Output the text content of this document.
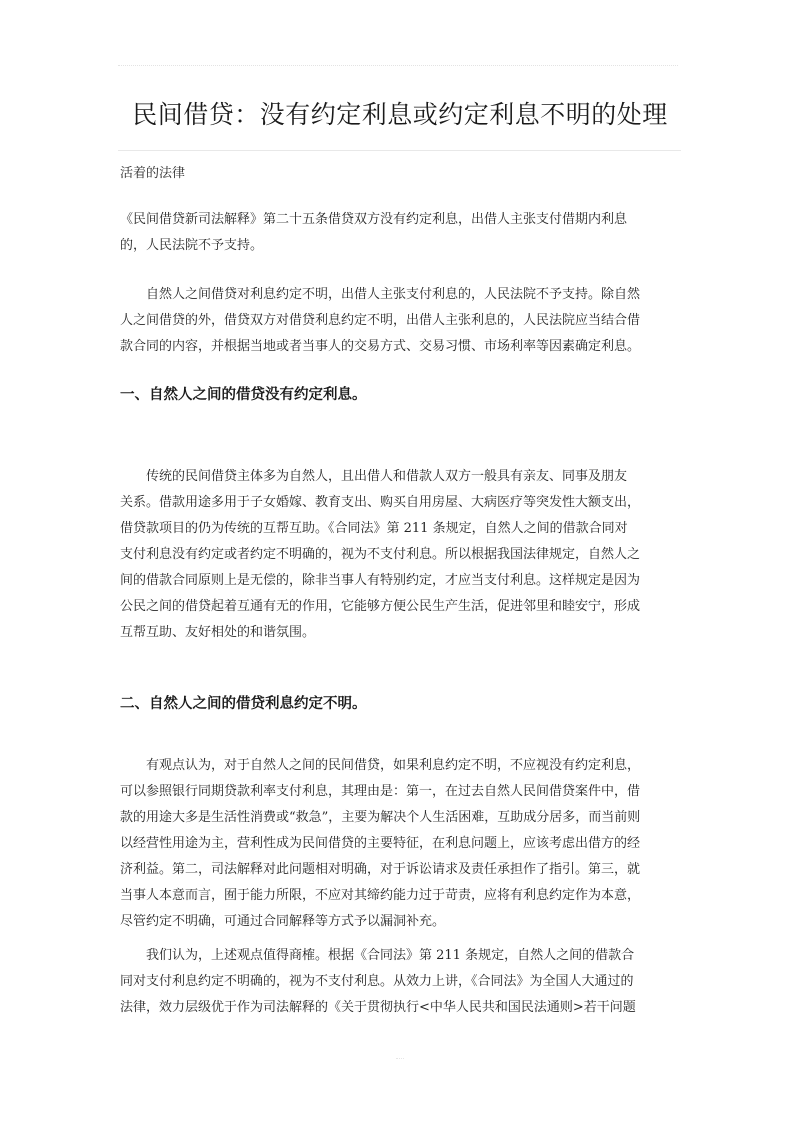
民间借贷：没有约定利息或约定利息不明的处理
活着的法律

《民间借贷新司法解释》第二十五条借贷双方没有约定利息，出借人主张支付借期内利息
的，人民法院不予支持。

　　自然人之间借贷对利息约定不明，出借人主张支付利息的，人民法院不予支持。除自然
人之间借贷的外，借贷双方对借贷利息约定不明，出借人主张利息的，人民法院应当结合借
款合同的内容，并根据当地或者当事人的交易方式、交易习惯、市场利率等因素确定利息。

一、自然人之间的借贷没有约定利息。

　　传统的民间借贷主体多为自然人，且出借人和借款人双方一般具有亲友、同事及朋友
关系。借款用途多用于子女婚嫁、教育支出、购买自用房屋、大病医疗等突发性大额支出，
借贷款项目的仍为传统的互帮互助。《合同法》第 211 条规定，自然人之间的借款合同对
支付利息没有约定或者约定不明确的，视为不支付利息。所以根据我国法律规定，自然人之
间的借款合同原则上是无偿的，除非当事人有特别约定，才应当支付利息。这样规定是因为
公民之间的借贷起着互通有无的作用，它能够方便公民生产生活，促进邻里和睦安宁，形成
互帮互助、友好相处的和谐氛围。

二、自然人之间的借贷利息约定不明。

　　有观点认为，对于自然人之间的民间借贷，如果利息约定不明，不应视没有约定利息，
可以参照银行同期贷款利率支付利息，其理由是：第一，在过去自然人民间借贷案件中，借
款的用途大多是生活性消费或“救急”，主要为解决个人生活困难，互助成分居多，而当前则
以经营性用途为主，营利性成为民间借贷的主要特征，在利息问题上，应该考虑出借方的经
济利益。第二，司法解释对此问题相对明确，对于诉讼请求及责任承担作了指引。第三，就
当事人本意而言，囿于能力所限，不应对其缔约能力过于苛责，应将有利息约定作为本意，
尽管约定不明确，可通过合同解释等方式予以漏洞补充。

　　我们认为，上述观点值得商榷。根据《合同法》第 211 条规定，自然人之间的借款合
同对支付利息约定不明确的，视为不支付利息。从效力上讲，《合同法》为全国人大通过的
法律，效力层级优于作为司法解释的《关于贯彻执行<中华人民共和国民法通则>若干问题
